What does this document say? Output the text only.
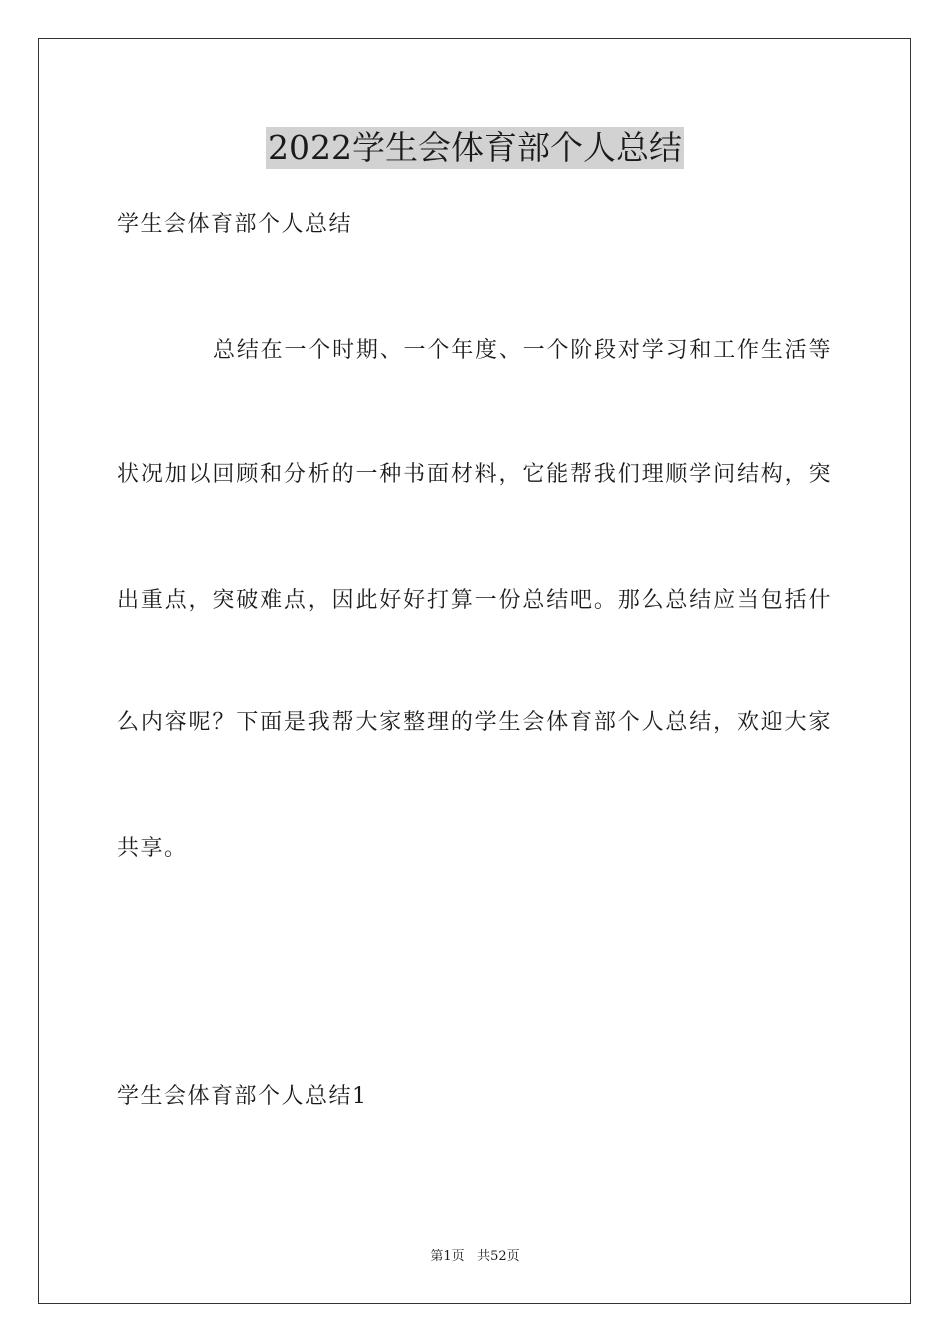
2022学生会体育部个人总结
学生会体育部个人总结
总结在一个时期、一个年度、一个阶段对学习和工作生活等
状况加以回顾和分析的一种书面材料，它能帮我们理顺学问结构，突
出重点，突破难点，因此好好打算一份总结吧。那么总结应当包括什
么内容呢？下面是我帮大家整理的学生会体育部个人总结，欢迎大家
共享。
学生会体育部个人总结1
第1页 共52页
